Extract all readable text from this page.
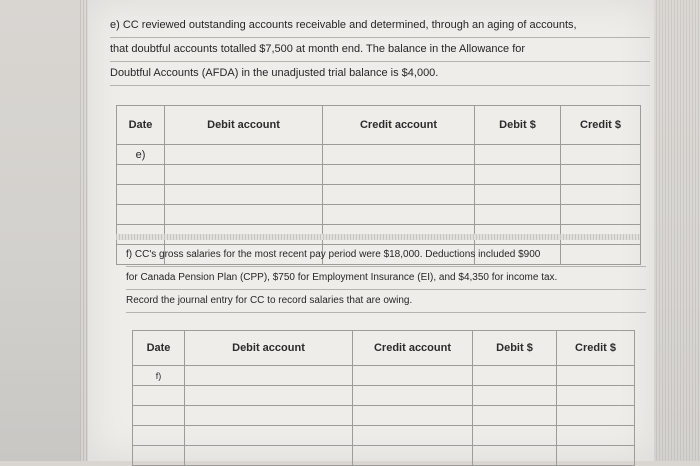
e) CC reviewed outstanding accounts receivable and determined, through an aging of accounts,
that doubtful accounts totalled $7,500 at month end. The balance in the Allowance for
Doubtful Accounts (AFDA) in the unadjusted trial balance is $4,000.
Date	Debit account	Credit account	Debit $	Credit $
e)				

f) CC's gross salaries for the most recent pay period were $18,000. Deductions included $900
for Canada Pension Plan (CPP), $750 for Employment Insurance (EI), and $4,350 for income tax.
Record the journal entry for CC to record salaries that are owing.
Date	Debit account	Credit account	Debit $	Credit $
f)				
